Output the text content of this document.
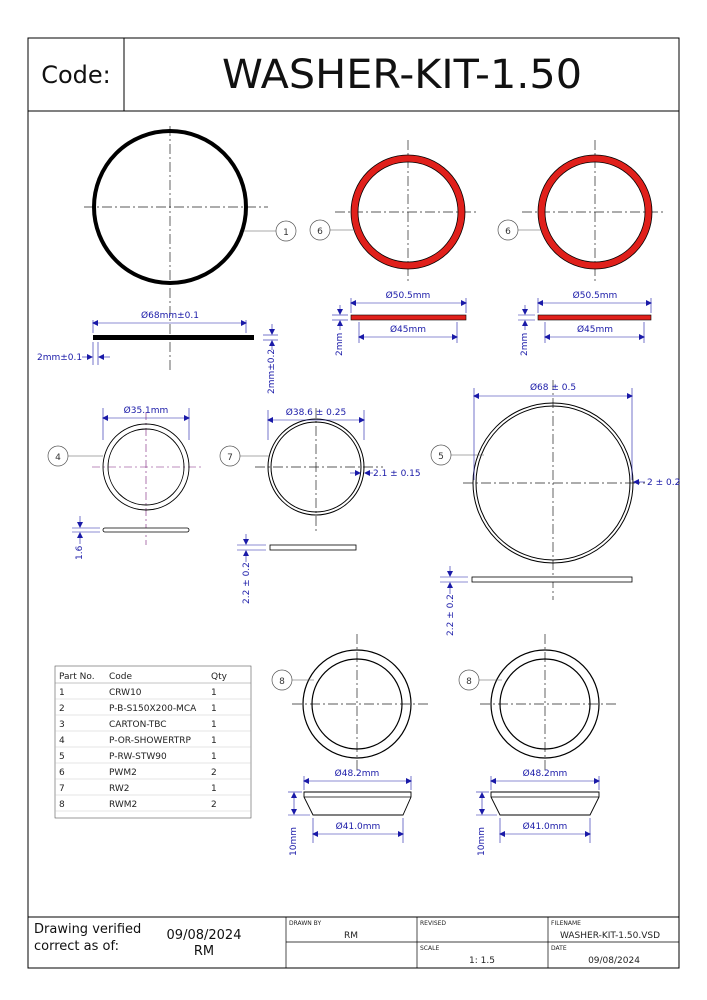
Code:	WASHER-KIT-1.50
1
Ø68mm±0.1
2mm±0.1	2mm±0.2
6
Ø50.5mm
Ø45mm
2mm
6
Ø50.5mm
Ø45mm
2mm
4
Ø35.1mm
1.6
7
Ø38.6 ± 0.25
2.1 ± 0.15
2.2 ± 0.2
5
Ø68 ± 0.5
2 ± 0.2
2.2 ± 0.2
Part No. Code	Qty
1	CRW10	1
2	P-B-S150X200-MCA 1
3	CARTON-TBC	1
4	P-OR-SHOWERTRP 1
5	P-RW-STW90	1
6	PWM2	2
7	RW2	1
8	RWM2	2
8
Ø48.2mm
Ø41.0mm
10mm
8
Ø48.2mm
Ø41.0mm
10mm
Drawing verified
correct as of:
09/08/2024
RM
DRAWN BY
RM
REVISED	FILENAME
WASHER-KIT-1.50.VSD
SCALE
1: 1.5
DATE
09/08/2024
